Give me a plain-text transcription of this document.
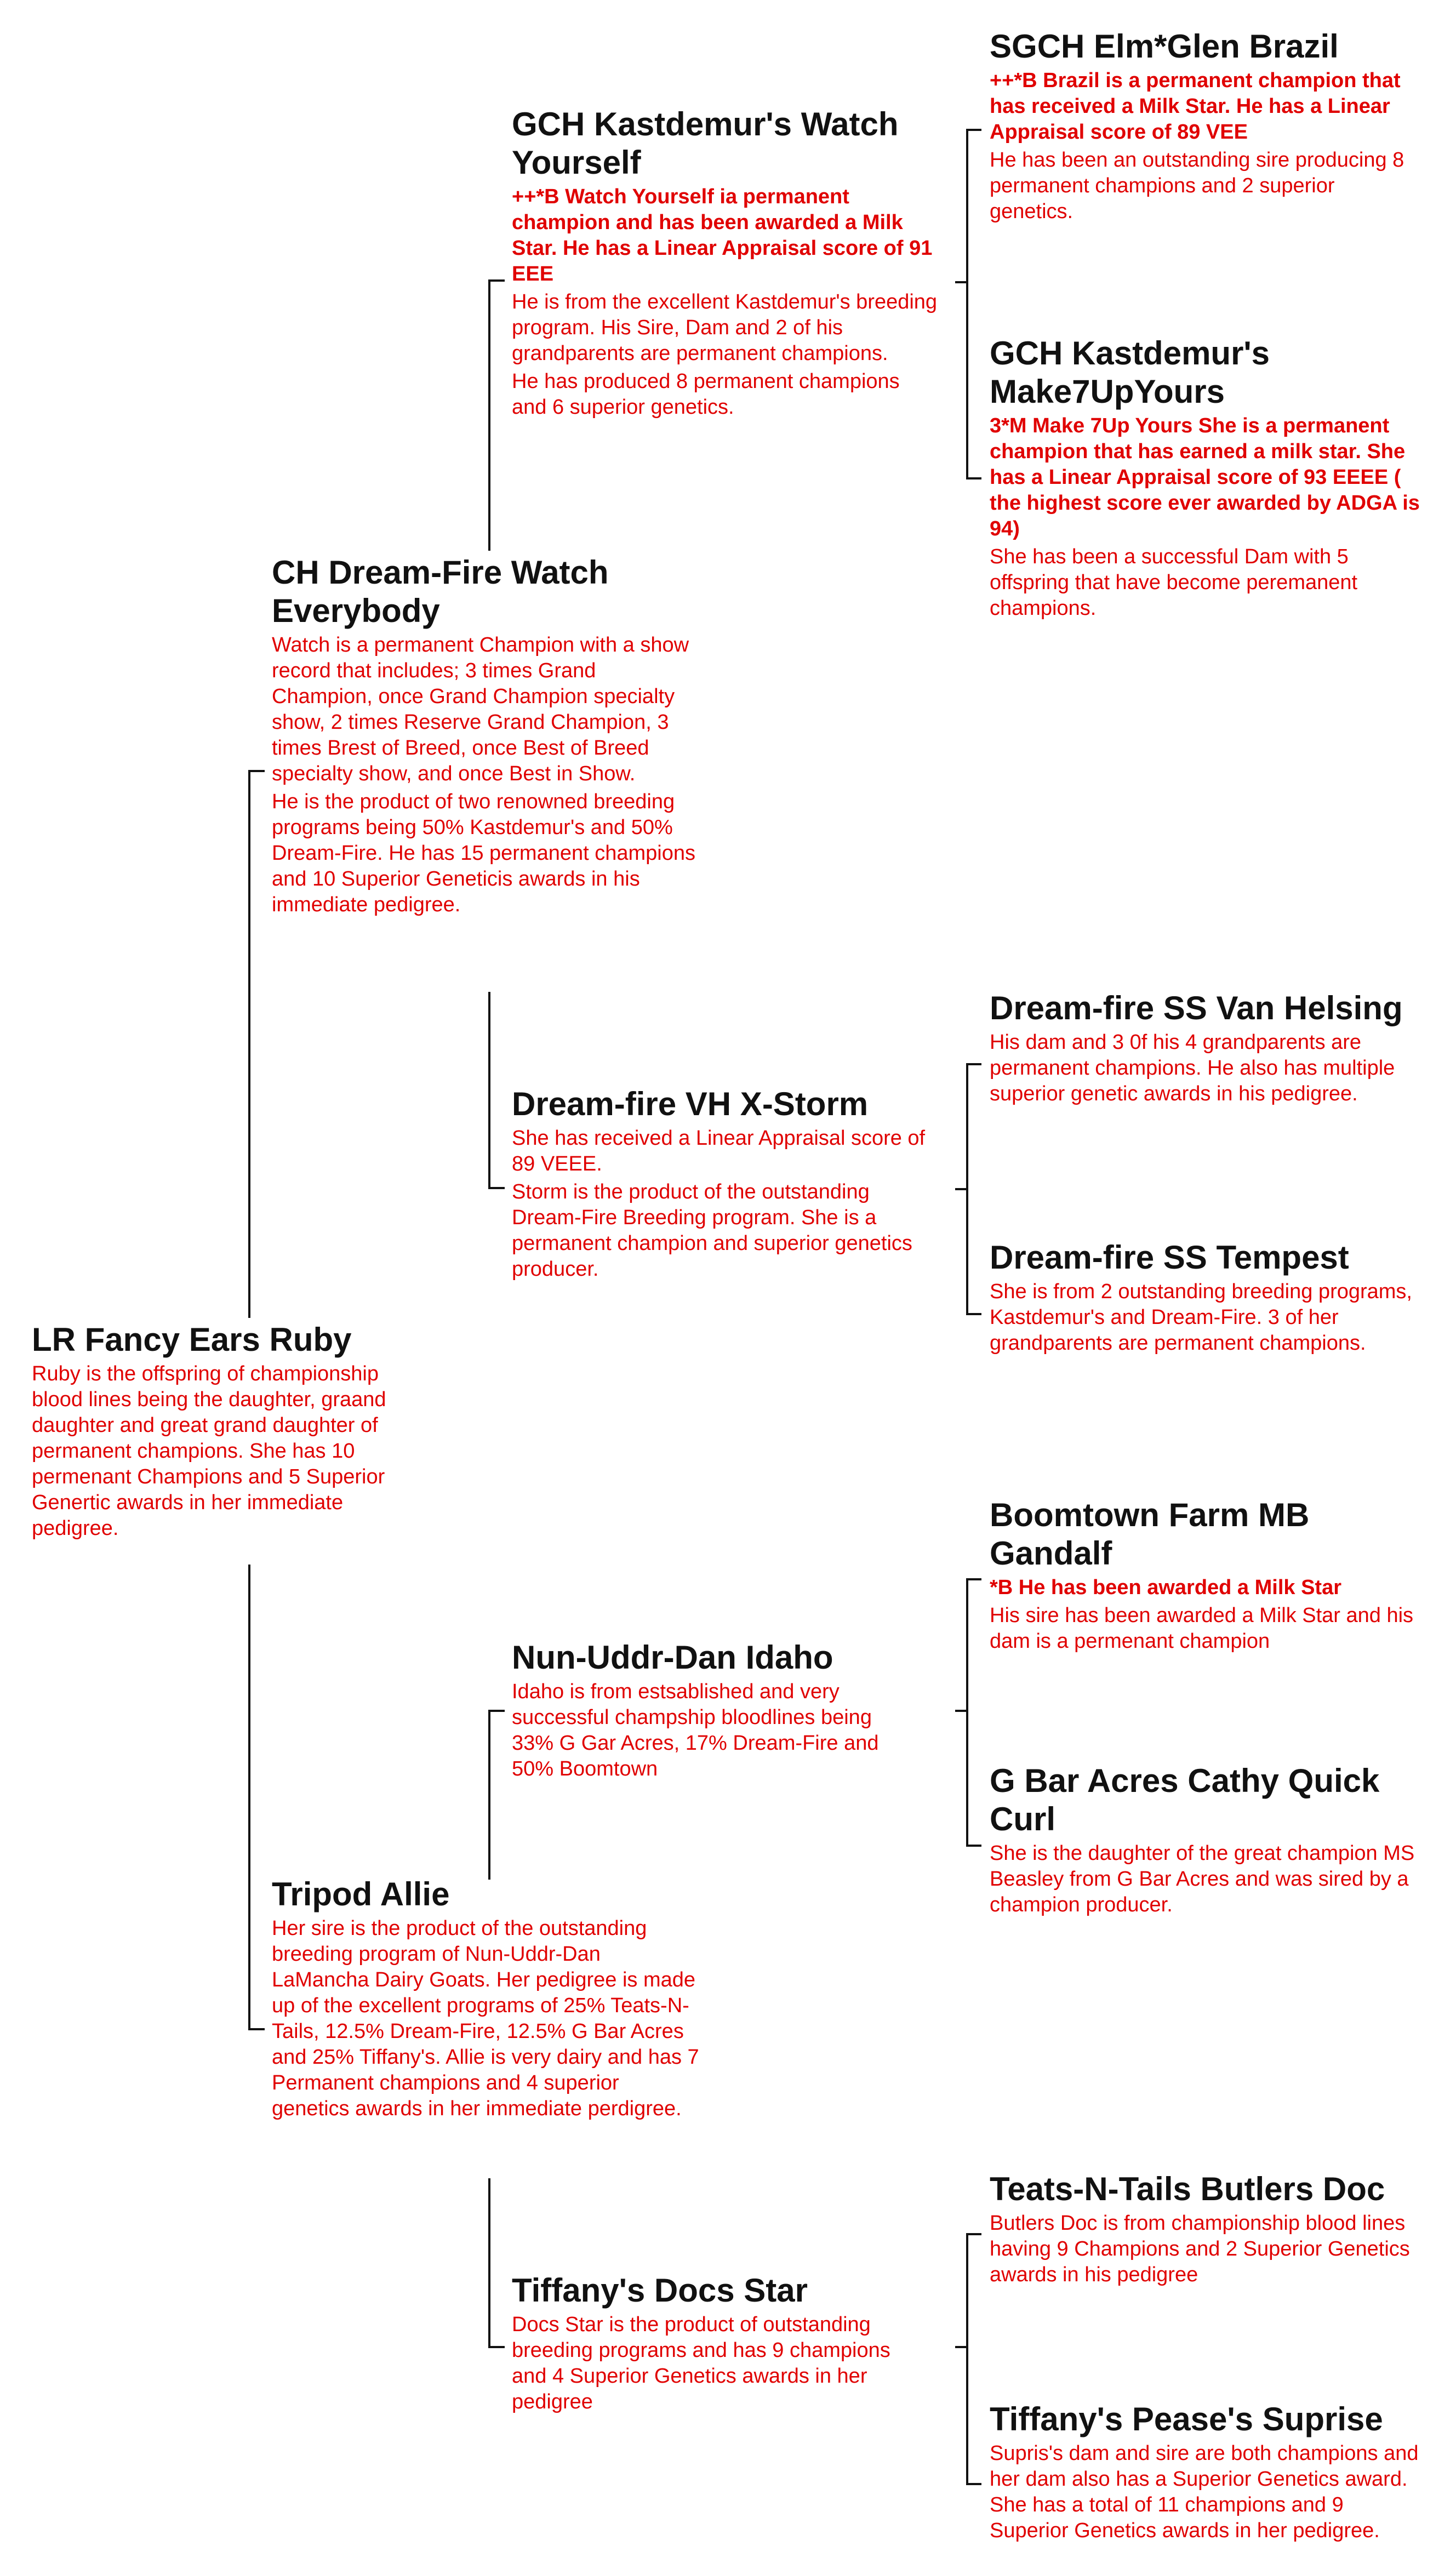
LR Fancy Ears Ruby

Ruby is the offspring of championship blood lines being the daughter, graand daughter and great grand daughter of permanent champions. She has 10 permenant Champions and 5 Superior Genertic awards in her immediate pedigree.

CH Dream-Fire Watch Everybody

Watch is a permanent Champion with a show record that includes; 3 times Grand Champion, once Grand Champion specialty show, 2 times Reserve Grand Champion, 3 times Brest of Breed, once Best of Breed specialty show, and once Best in Show.

He is the product of two renowned breeding programs being 50% Kastdemur's and 50% Dream-Fire. He has 15 permanent champions and 10 Superior Geneticis awards in his immediate pedigree.

Tripod Allie

Her sire is the product of the outstanding breeding program of Nun-Uddr-Dan LaMancha Dairy Goats. Her pedigree is made up of the excellent programs of 25% Teats-N-Tails, 12.5% Dream-Fire, 12.5% G Bar Acres and 25% Tiffany's. Allie is very dairy and has 7 Permanent champions and 4 superior genetics awards in her immediate perdigree.

GCH Kastdemur's Watch Yourself

++*B Watch Yourself ia permanent champion and has been awarded a Milk Star. He has a Linear Appraisal score of 91 EEE

He is from the excellent Kastdemur's breeding program. His Sire, Dam and 2 of his grandparents are permanent champions.

He has produced 8 permanent champions and 6 superior genetics.

Dream-fire VH X-Storm

She has received a Linear Appraisal score of 89 VEEE.

Storm is the product of the outstanding Dream-Fire Breeding program. She is a permanent champion and superior genetics producer.

Nun-Uddr-Dan Idaho

Idaho is from estsablished and very successful champship bloodlines being 33% G Gar Acres, 17% Dream-Fire and 50% Boomtown

Tiffany's Docs Star

Docs Star is the product of outstanding breeding programs and has 9 champions and 4 Superior Genetics awards in her pedigree

SGCH Elm*Glen Brazil

++*B Brazil is a permanent champion that has received a Milk Star. He has a Linear Appraisal score of 89 VEE

He has been an outstanding sire producing 8 permanent champions and 2 superior genetics.

GCH Kastdemur's Make7UpYours

3*M Make 7Up Yours She is a permanent champion that has earned a milk star. She has a Linear Appraisal score of 93 EEEE ( the highest score ever awarded by ADGA is 94)

She has been a successful Dam with 5 offspring that have become peremanent champions.

Dream-fire SS Van Helsing

His dam and 3 0f his 4 grandparents are permanent champions. He also has multiple superior genetic awards in his pedigree.

Dream-fire SS Tempest

She is from 2 outstanding breeding programs, Kastdemur's and Dream-Fire. 3 of her grandparents are permanent champions.

Boomtown Farm MB Gandalf

*B He has been awarded a Milk Star

His sire has been awarded a Milk Star and his dam is a permenant champion

G Bar Acres Cathy Quick Curl

She is the daughter of the great champion MS Beasley from G Bar Acres and was sired by a champion producer.

Teats-N-Tails Butlers Doc

Butlers Doc is from championship blood lines having 9 Champions and 2 Superior Genetics awards in his pedigree

Tiffany's Pease's Suprise

Supris's dam and sire are both champions and her dam also has a Superior Genetics award. She has a total of 11 champions and 9 Superior Genetics awards in her pedigree.
